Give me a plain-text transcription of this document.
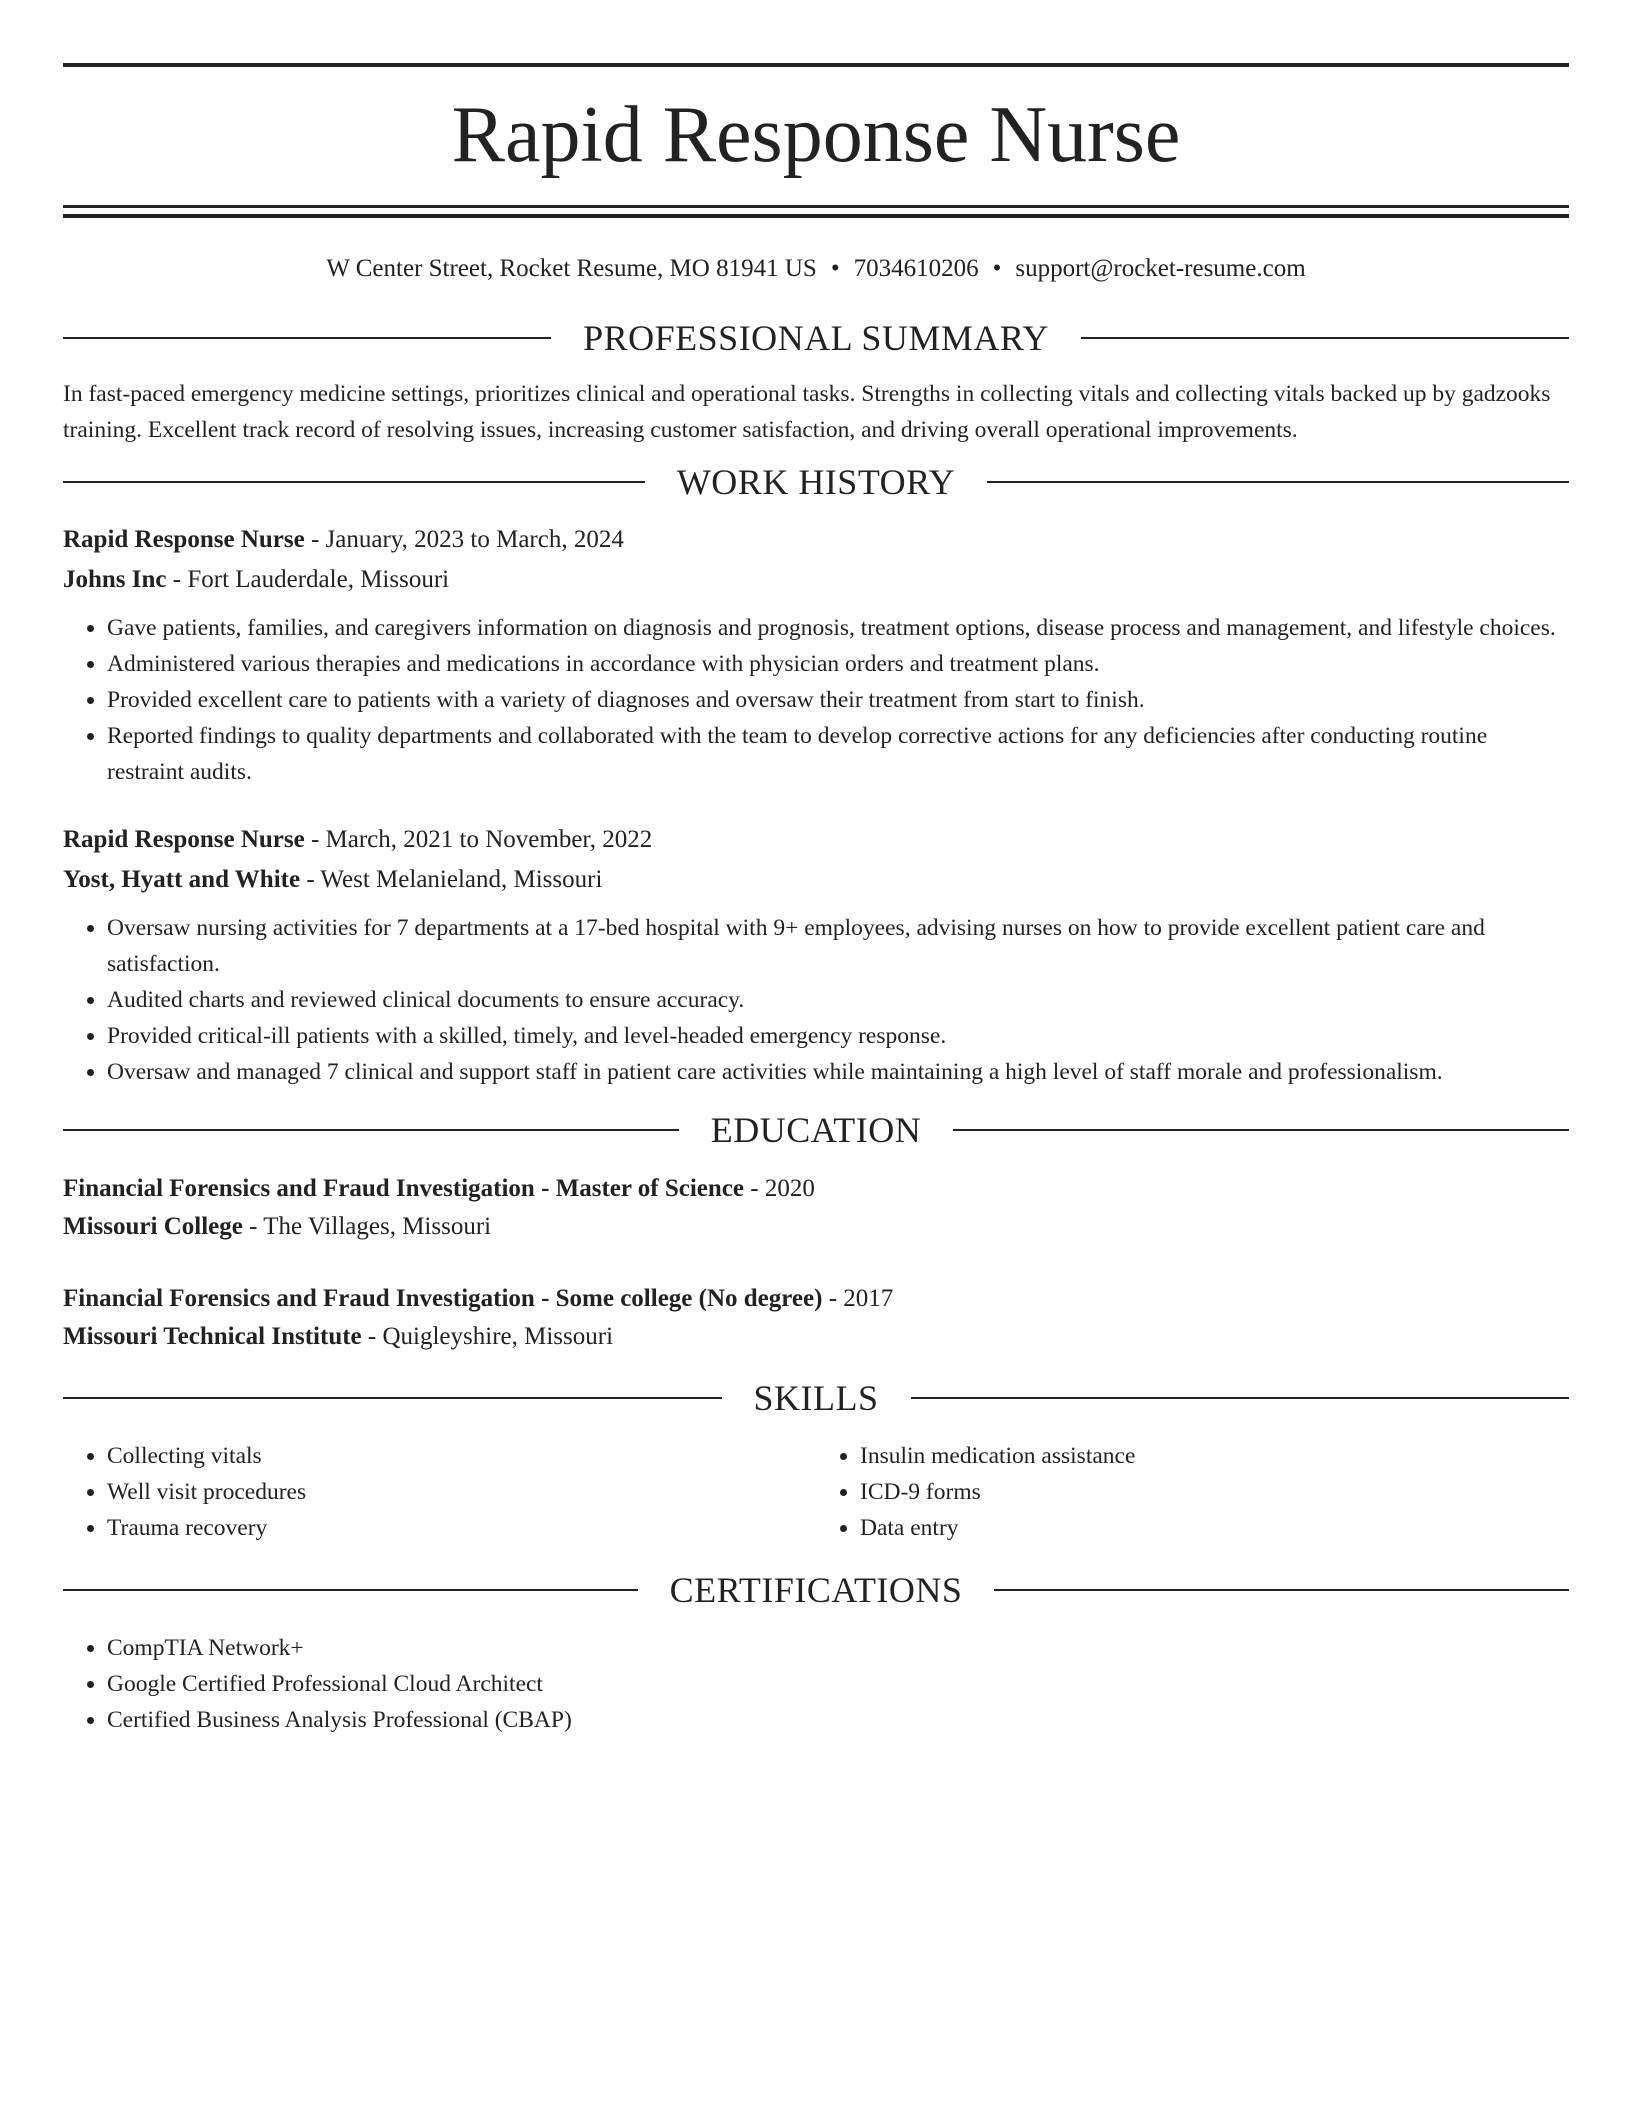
Rapid Response Nurse
W Center Street, Rocket Resume, MO 81941 US • 7034610206 • support@rocket-resume.com
PROFESSIONAL SUMMARY
In fast-paced emergency medicine settings, prioritizes clinical and operational tasks. Strengths in collecting vitals and collecting vitals backed up by gadzooks training. Excellent track record of resolving issues, increasing customer satisfaction, and driving overall operational improvements.
WORK HISTORY
Rapid Response Nurse - January, 2023 to March, 2024
Johns Inc - Fort Lauderdale, Missouri
• Gave patients, families, and caregivers information on diagnosis and prognosis, treatment options, disease process and management, and lifestyle choices.
• Administered various therapies and medications in accordance with physician orders and treatment plans.
• Provided excellent care to patients with a variety of diagnoses and oversaw their treatment from start to finish.
• Reported findings to quality departments and collaborated with the team to develop corrective actions for any deficiencies after conducting routine restraint audits.
Rapid Response Nurse - March, 2021 to November, 2022
Yost, Hyatt and White - West Melanieland, Missouri
• Oversaw nursing activities for 7 departments at a 17-bed hospital with 9+ employees, advising nurses on how to provide excellent patient care and satisfaction.
• Audited charts and reviewed clinical documents to ensure accuracy.
• Provided critical-ill patients with a skilled, timely, and level-headed emergency response.
• Oversaw and managed 7 clinical and support staff in patient care activities while maintaining a high level of staff morale and professionalism.
EDUCATION
Financial Forensics and Fraud Investigation - Master of Science - 2020
Missouri College - The Villages, Missouri
Financial Forensics and Fraud Investigation - Some college (No degree) - 2017
Missouri Technical Institute - Quigleyshire, Missouri
SKILLS
• Collecting vitals
• Well visit procedures
• Trauma recovery
• Insulin medication assistance
• ICD-9 forms
• Data entry
CERTIFICATIONS
• CompTIA Network+
• Google Certified Professional Cloud Architect
• Certified Business Analysis Professional (CBAP)
